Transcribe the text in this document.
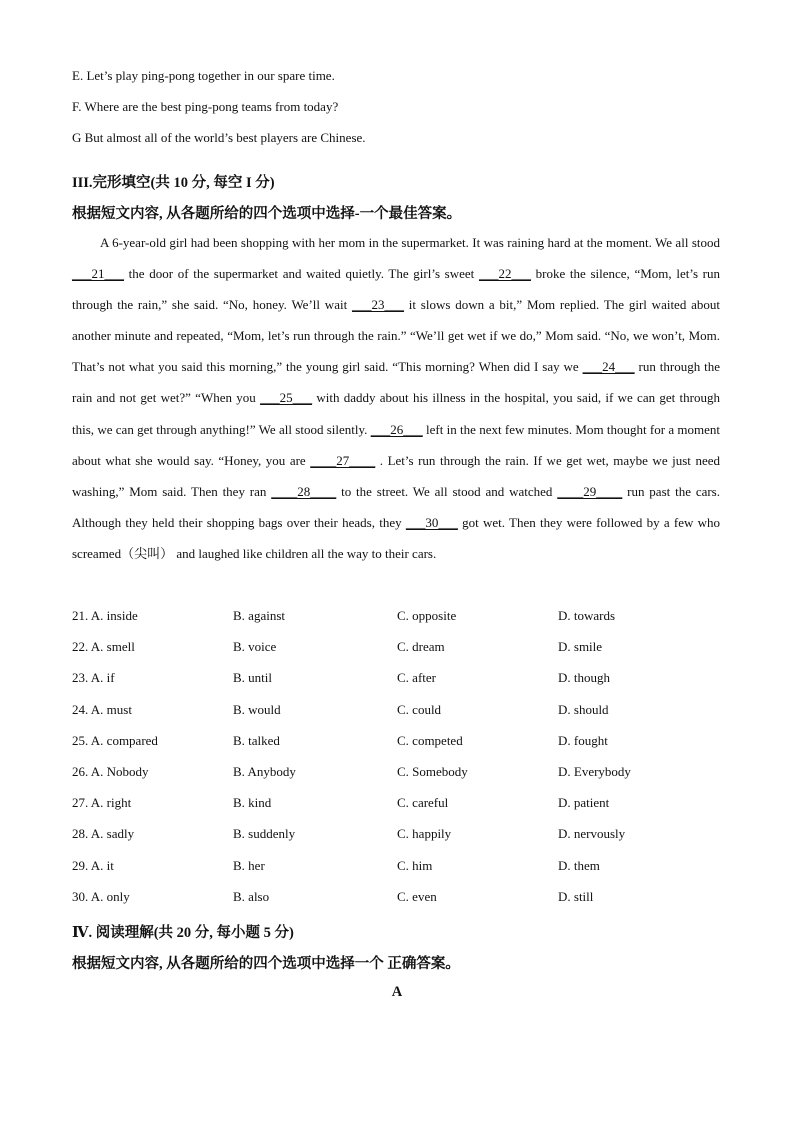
E. Let’s play ping-pong together in our spare time.
F. Where are the best ping-pong teams from today?
G But almost all of the world’s best players are Chinese.
III.完形填空(共 10 分, 每空 I 分)
根据短文内容, 从各题所给的四个选项中选择-一个最佳答案。
A 6-year-old girl had been shopping with her mom in the supermarket. It was raining hard at the moment. We all stood ___21___ the door of the supermarket and waited quietly. The girl’s sweet ___22___ broke the silence, “Mom, let’s run through the rain,” she said. “No, honey. We’ll wait ___23___ it slows down a bit,” Mom replied. The girl waited about another minute and repeated, “Mom, let’s run through the rain.” “We’ll get wet if we do,” Mom said. “No, we won’t, Mom. That’s not what you said this morning,” the young girl said. “This morning? When did I say we ___24___ run through the rain and not get wet?” “When you ___25___ with daddy about his illness in the hospital, you said, if we can get through this, we can get through anything!” We all stood silently. ___26___ left in the next few minutes. Mom thought for a moment about what she would say. “Honey, you are ____27____ . Let’s run through the rain. If we get wet, maybe we just need washing,” Mom said. Then they ran ____28____ to the street. We all stood and watched ____29____ run past the cars. Although they held their shopping bags over their heads, they ___30___ got wet. Then they were followed by a few who screamed（尖叫） and laughed like children all the way to their cars.
21. A. inside	B. against	C. opposite	D. towards
22. A. smell	B. voice	C. dream	D. smile
23. A. if	B. until	C. after	D. though
24. A. must	B. would	C. could	D. should
25. A. compared	B. talked	C. competed	D. fought
26. A. Nobody	B. Anybody	C. Somebody	D. Everybody
27. A. right	B. kind	C. careful	D. patient
28. A. sadly	B. suddenly	C. happily	D. nervously
29. A. it	B. her	C. him	D. them
30. A. only	B. also	C. even	D. still
Ⅳ. 阅读理解(共 20 分, 每小题 5 分)
根据短文内容, 从各题所给的四个选项中选择一个 正确答案。
A
